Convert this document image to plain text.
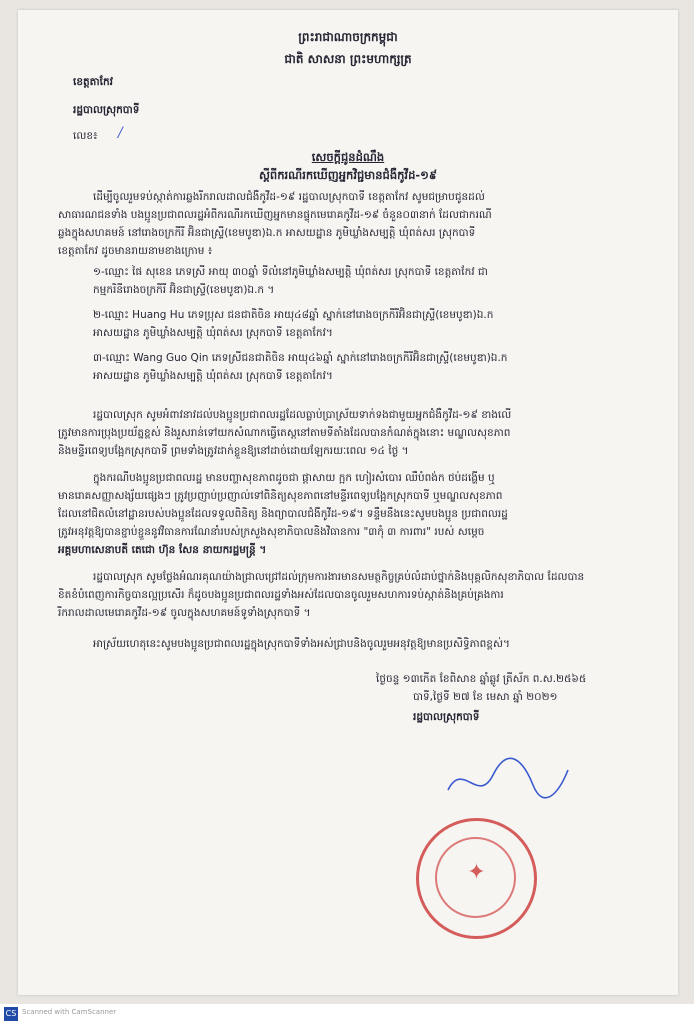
ព្រះរាជាណាចក្រកម្ពុជា
ជាតិ សាសនា ព្រះមហាក្សត្រ
ខេត្តតាកែវ
រដ្ឋបាលស្រុកបាទី
លេខ៖ /
សេចក្តីជូនដំណឹង
ស្តីពីករណីរកឃើញអ្នកវិជ្ជមានជំងឺកូវីដ-១៩
ដើម្បីចូលរួមទប់ស្កាត់ការឆ្លងរីករាលដាលជំងឺកូវីដ-១៩ រដ្ឋបាលស្រុកបាទី ខេត្តតាកែវ សូមជម្រាបជូនដល់
សាធារណជនទាំង បងប្អូនប្រជាពលរដ្ឋអំពីករណីរកឃើញអ្នកមានផ្ទុកមេរោគកូវីដ-១៩ ចំនួន០៣នាក់ ដែលជាករណី
ឆ្លងក្នុងសហគមន៍ នៅរោងចក្រកីរី អ៊ិនជាស្ទ្រី(ខេមបូឌា)ឯ.ក អាសយដ្ឋាន ភូមិឃ្លាំងសម្បត្តិ ឃុំពត់សរ ស្រុកបាទី
ខេត្តតាកែវ ដូចមានរាយនាមខាងក្រោម ៖
១-ឈ្មោះ ផៃ សុខេន ភេទស្រី អាយុ ៣០ឆ្នាំ ទីលំនៅភូមិឃ្លាំងសម្បត្តិ ឃុំពត់សរ ស្រុកបាទី ខេត្តតាកែវ ជា
កម្មករិនីរោងចក្រកីរី អ៊ិនជាស្ទ្រី(ខេមបូឌា)ឯ.ក ។
២-ឈ្មោះ Huang Hu ភេទប្រុស ជនជាតិចិន អាយុ៤៨ឆ្នាំ ស្នាក់នៅរោងចក្រកីរីអ៊ិនជាស្ទ្រី(ខេមបូឌា)ឯ.ក
អាសយដ្ឋាន ភូមិឃ្លាំងសម្បត្តិ ឃុំពត់សរ ស្រុកបាទី ខេត្តតាកែវ។
៣-ឈ្មោះ Wang Guo Qin ភេទស្រីជនជាតិចិន អាយុ៤៦ឆ្នាំ ស្នាក់នៅរោងចក្រកីរីអ៊ិនជាស្ទ្រី(ខេមបូឌា)ឯ.ក
អាសយដ្ឋាន ភូមិឃ្លាំងសម្បត្តិ ឃុំពត់សរ ស្រុកបាទី ខេត្តតាកែវ។
រដ្ឋបាលស្រុក សូមអំពាវនាវដល់បងប្អូនប្រជាពលរដ្ឋដែលធ្លាប់ប្រាស្រ័យទាក់ទងជាមួយអ្នកជំងឺកូវីដ-១៩ ខាងលើ
ត្រូវមានការប្រុងប្រយ័ត្នខ្ពស់ និងរួសរាន់ទៅយកសំណាកធ្វើតេស្តនៅតាមទីតាំងដែលបានកំណត់ក្នុងនោះ មណ្ឌលសុខភាព
និងមន្ទីរពេទ្យបង្អែកស្រុកបាទី ព្រមទាំងត្រូវដាក់ខ្លួនឱ្យនៅដាច់ដោយឡែករយៈពេល ១៤ ថ្ងៃ ។
ក្នុងករណីបងប្អូនប្រជាពលរដ្ឋ មានបញ្ហាសុខភាពដូចជា ផ្តាសាយ ក្អក ហៀរសំបោរ ឈឺបំពង់ក ថប់ដង្ហើម ឬ
មានរោគសញ្ញាសង្ស័យផ្សេងៗ ត្រូវប្រញាប់ប្រញាល់ទៅពិនិត្យសុខភាពនៅមន្ទីរពេទ្យបង្អែកស្រុកបាទី ឬមណ្ឌលសុខភាព
ដែលនៅជិតលំនៅដ្ឋានរបស់បងប្អូនដែលទទួលពិនិត្យ និងព្យាបាលជំងឺកូវីដ-១៩។ ទន្ទឹមនឹងនេះសូមបងប្អូន ប្រជាពលរដ្ឋ
ត្រូវអនុវត្តឱ្យបានខ្ជាប់ខ្ជួននូវវិធានការណែនាំរបស់ក្រសួងសុខាភិបាលនិងវិធានការ "៣កុំ ៣ ការពារ" របស់ សម្តេច
អគ្គមហាសេនាបតី តេជោ ហ៊ុន សែន នាយករដ្ឋមន្ត្រី ។
រដ្ឋបាលស្រុក សូមថ្លែងអំណរគុណយ៉ាងជ្រាលជ្រៅដល់ក្រុមការងារមានសមត្ថកិច្ចគ្រប់លំដាប់ថ្នាក់និងបុគ្គលិកសុខាភិបាល ដែលបាន
ខិតខំបំពេញការកិច្ចបានល្អប្រសើរ ក៏ដូចបងប្អូនប្រជាពលរដ្ឋទាំងអស់ដែលបានចូលរួមសហការទប់ស្កាត់និងគ្រប់គ្រងការ
រីករាលដាលមេរោគកូវីដ-១៩ ចូលក្នុងសហគមន៍ទូទាំងស្រុកបាទី ។
អាស្រ័យហេតុនេះសូមបងប្អូនប្រជាពលរដ្ឋក្នុងស្រុកបាទីទាំងអស់ជ្រាបនិងចូលរួមអនុវត្តឱ្យមានប្រសិទ្ធិភាពខ្ពស់។
ថ្ងៃចន្ទ ១៣កើត ខែពិសាខ ឆ្នាំឆ្លូវ ត្រីស័ក ព.ស.២៥៦៥
បាទី,ថ្ងៃទី ២៧ ខែ មេសា ឆ្នាំ ២០២១
រដ្ឋបាលស្រុកបាទី
✦
CS Scanned with CamScanner
